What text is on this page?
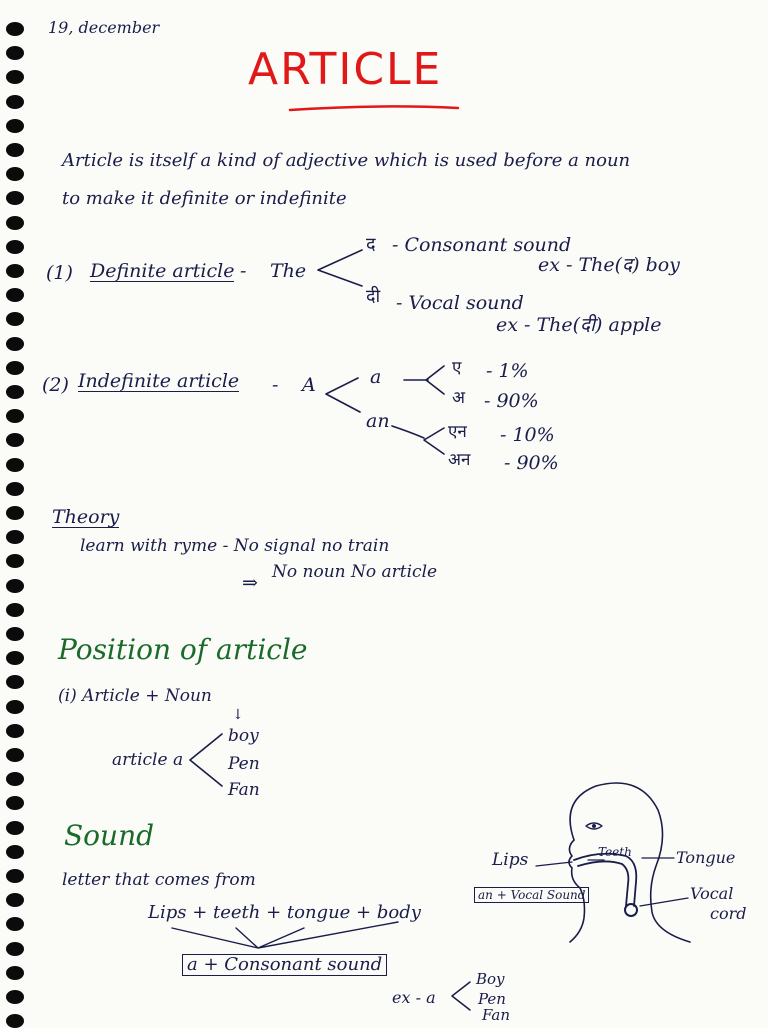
19, december
ARTICLE
Article is itself a kind of adjective which is used before a noun
to make it definite or indefinite
(1) Definite article - The
द - Consonant sound
ex - The(द) boy
दी - Vocal sound
ex - The(दी) apple
(2) Indefinite article - A	a
an
ए - 1%
अ - 90%
एन - 10%
अन - 90%
Theory
learn with ryme - No signal no train
⇒ No noun No article
Position of article
(i) Article + Noun
↓
article a
boy
Pen
Fan
Sound
letter that comes from
Lips + teeth + tongue + body
a + Consonant sound
ex - a
Boy
Pen
Fan
Lips	Teeth	Tongue
Vocal
cord
an + Vocal Sound
